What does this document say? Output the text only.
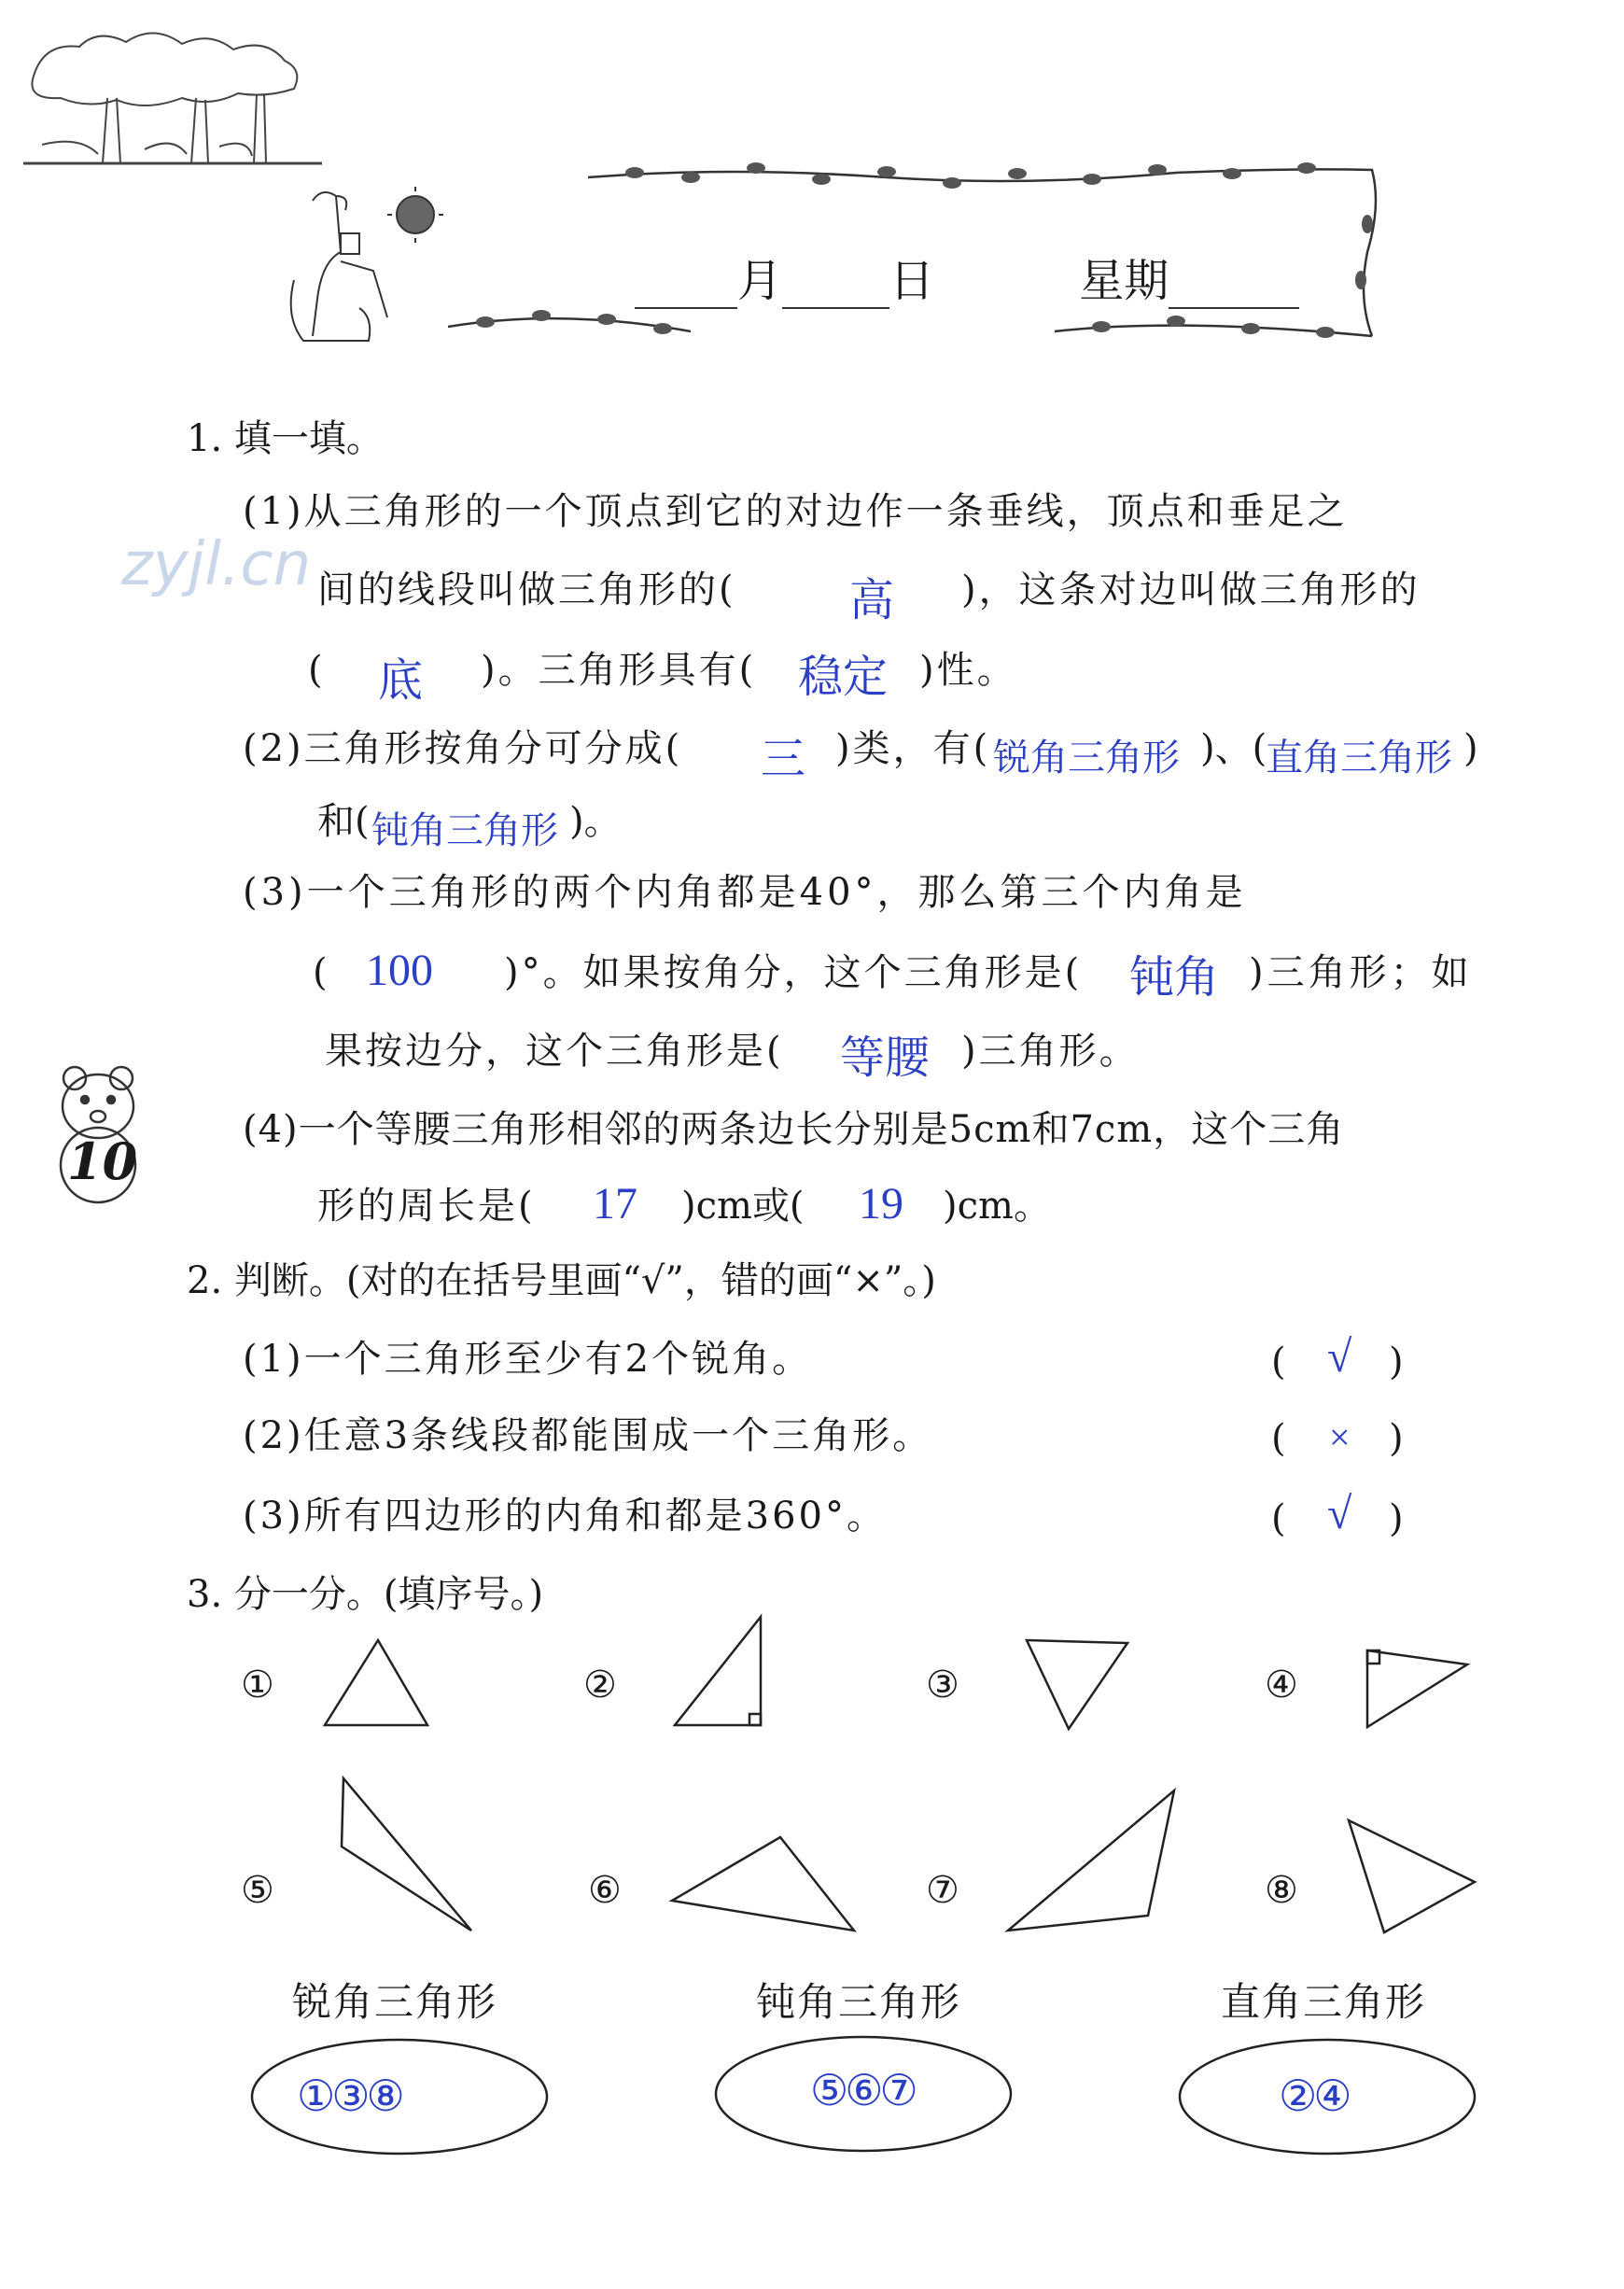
月 日	星期
zyjl.cn
10
1. 填一填。
(1)从三角形的一个顶点到它的对边作一条垂线，顶点和垂足之
间的线段叫做三角形的(	高 )，这条对边叫做三角形的
( 底 )。三角形具有( 稳定 )性。
(2)三角形按角分可分成( 三 )类，有( 锐角三角形 )、(
直角三角形 )
和( 钝角三角形 )。
(3)一个三角形的两个内角都是40°，那么第三个内角是
( 100 )°。如果按角分，这个三角形是( 钝角 )三角形；如
果按边分，这个三角形是( 等腰 )三角形。
(4)一个等腰三角形相邻的两条边长分别是5cm和7cm，这个三角
形的周长是( 17 )cm或( 19 )cm。
2. 判断。(对的在括号里画“√”，错的画“×”。)
(1)一个三角形至少有2个锐角。	( √ )
(2)任意3条线段都能围成一个三角形。	( × )
(3)所有四边形的内角和都是360°。	( √ )
3. 分一分。(填序号。)
①	②	③	④
⑤	⑥	⑦	⑧
锐角三角形	钝角三角形	直角三角形
①③⑧	⑤⑥⑦	②④
